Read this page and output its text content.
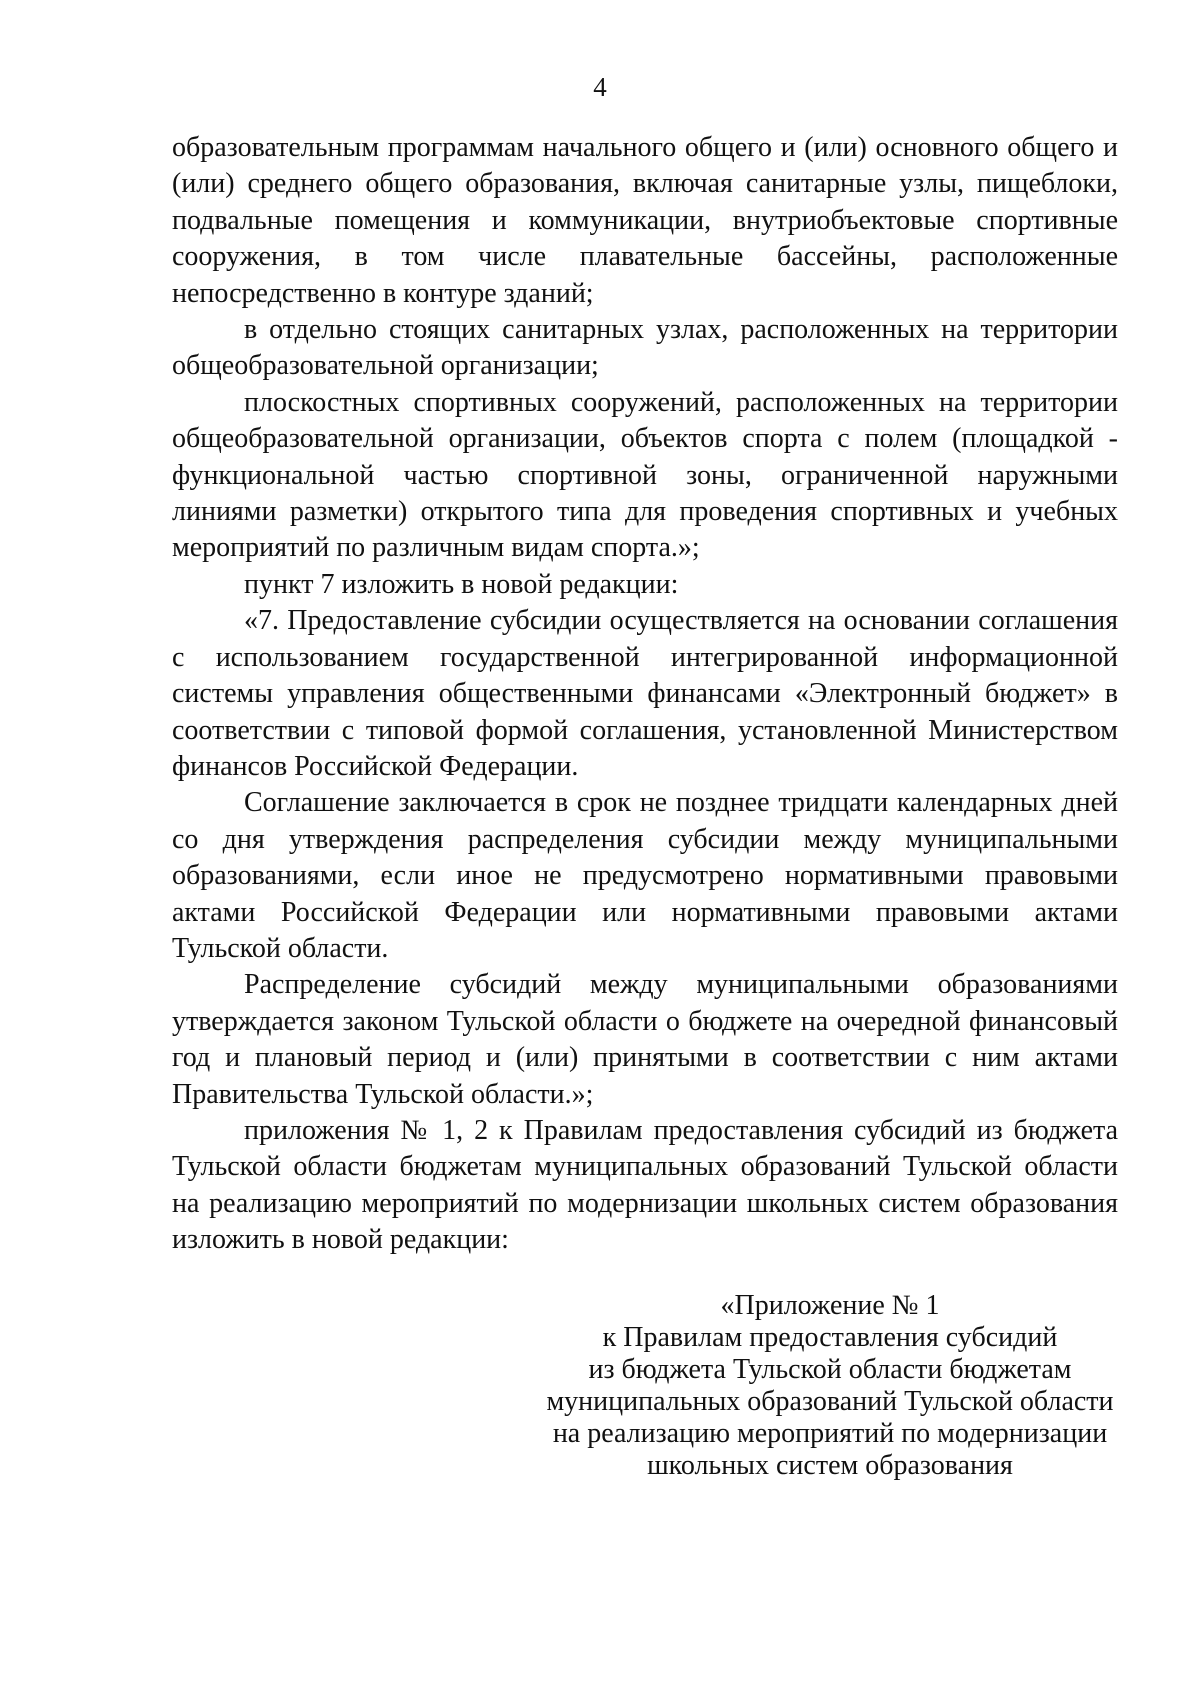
4

образовательным программам начального общего и (или) основного общего и (или) среднего общего образования, включая санитарные узлы, пищеблоки, подвальные помещения и коммуникации, внутриобъектовые спортивные сооружения, в том числе плавательные бассейны, расположенные непосредственно в контуре зданий;

в отдельно стоящих санитарных узлах, расположенных на территории общеобразовательной организации;

плоскостных спортивных сооружений, расположенных на территории общеобразовательной организации, объектов спорта с полем (площадкой - функциональной частью спортивной зоны, ограниченной наружными линиями разметки) открытого типа для проведения спортивных и учебных мероприятий по различным видам спорта.»;

пункт 7 изложить в новой редакции:

«7. Предоставление субсидии осуществляется на основании соглашения с использованием государственной интегрированной информационной системы управления общественными финансами «Электронный бюджет» в соответствии с типовой формой соглашения, установленной Министерством финансов Российской Федерации.

Соглашение заключается в срок не позднее тридцати календарных дней со дня утверждения распределения субсидии между муниципальными образованиями, если иное не предусмотрено нормативными правовыми актами Российской Федерации или нормативными правовыми актами Тульской области.

Распределение субсидий между муниципальными образованиями утверждается законом Тульской области о бюджете на очередной финансовый год и плановый период и (или) принятыми в соответствии с ним актами Правительства Тульской области.»;

приложения № 1, 2 к Правилам предоставления субсидий из бюджета Тульской области бюджетам муниципальных образований Тульской области на реализацию мероприятий по модернизации школьных систем образования изложить в новой редакции:

«Приложение № 1
к Правилам предоставления субсидий
из бюджета Тульской области бюджетам
муниципальных образований Тульской области
на реализацию мероприятий по модернизации
школьных систем образования
